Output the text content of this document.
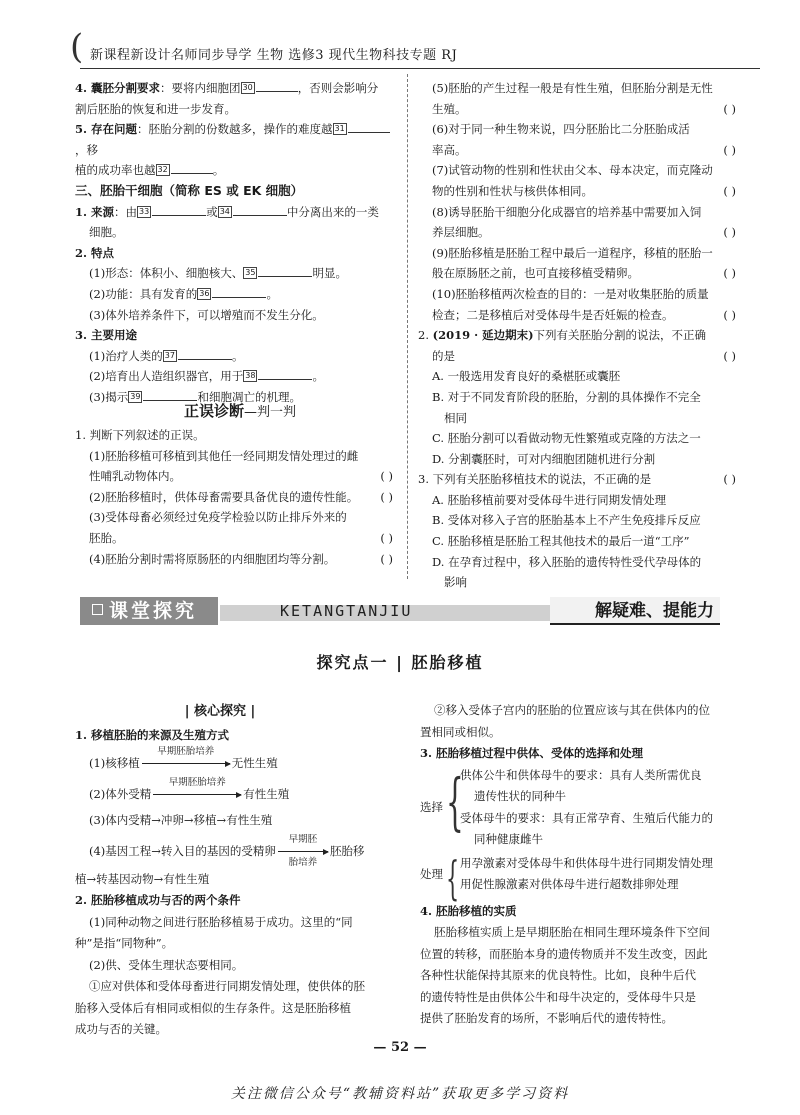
( 新课程新设计名师同步导学 生物 选修3 现代生物科技专题 RJ

4. 囊胚分割要求：要将内细胞团 30	，否则会影响分

割后胚胎的恢复和进一步发育。

5. 存在问题：胚胎分割的份数越多，操作的难度越 31，移

植的成功率也越 32	。

三、胚胎干细胞（简称 ES 或 EK 细胞）

1. 来源：由 33	或 34	中分离出来的一类

细胞。

2. 特点

(1)形态：体积小、细胞核大、 35	明显。

(2)功能：具有发育的 36	。

(3)体外培养条件下，可以增殖而不发生分化。

3. 主要用途

(1)治疗人类的 37	。

(2)培育出人造组织器官，用于 38	。

(3)揭示 39	和细胞凋亡的机理。

正误诊断—判一判

1. 判断下列叙述的正误。

(1)胚胎移植可移植到其他任一经同期发情处理过的雌

性哺乳动物体内。	( )

(2)胚胎移植时，供体母畜需要具备优良的遗传性能。 ( )

(3)受体母畜必须经过免疫学检验以防止排斥外来的

胚胎。	( )

(4)胚胎分割时需将原肠胚的内细胞团均等分割。	( )

(5)胚胎的产生过程一般是有性生殖，但胚胎分割是无性

生殖。	( )

(6)对于同一种生物来说，四分胚胎比二分胚胎成活

率高。	( )

(7)试管动物的性别和性状由父本、母本决定，而克隆动

物的性别和性状与核供体相同。	( )

(8)诱导胚胎干细胞分化成器官的培养基中需要加入饲

养层细胞。	( )

(9)胚胎移植是胚胎工程中最后一道程序，移植的胚胎一

般在原肠胚之前，也可直接移植受精卵。	( )

(10)胚胎移植两次检查的目的：一是对收集胚胎的质量

检查；二是移植后对受体母牛是否妊娠的检查。	( )

2. (2019 · 延边期末)下列有关胚胎分割的说法，不正确

的是	( )

A. 一般选用发育良好的桑椹胚或囊胚

B. 对于不同发育阶段的胚胎，分割的具体操作不完全

相同

C. 胚胎分割可以看做动物无性繁殖或克隆的方法之一

D. 分割囊胚时，可对内细胞团随机进行分割

3. 下列有关胚胎移植技术的说法，不正确的是	( )

A. 胚胎移植前要对受体母牛进行同期发情处理

B. 受体对移入子宫的胚胎基本上不产生免疫排斥反应

C. 胚胎移植是胚胎工程其他技术的最后一道“工序”

D. 在孕育过程中，移入胚胎的遗传特性受代孕母体的

影响

课堂探究	KETANGTANJIU	解疑难、提能力
探究点一 | 胚胎移植
| 核心探究 |

1. 移植胚胎的来源及生殖方式

(1)核移植
早期胚胎培养
无性生殖

(2)体外受精
早期胚胎培养
有性生殖

(3)体内受精→冲卵→移植→有性生殖

(4)基因工程→转入目的基因的受精卵
早期胚
胎培养
胚胎移

植→转基因动物→有性生殖

2. 胚胎移植成功与否的两个条件

(1)同种动物之间进行胚胎移植易于成功。这里的“同

种”是指“同物种”。

(2)供、受体生理状态要相同。

①应对供体和受体母畜进行同期发情处理，使供体的胚

胎移入受体后有相同或相似的生存条件。这是胚胎移植

成功与否的关键。

②移入受体子宫内的胚胎的位置应该与其在供体内的位

置相同或相似。

3. 胚胎移植过程中供体、受体的选择和处理

选择 {

供体公牛和供体母牛的要求：具有人类所需优良

遗传性状的同种牛

受体母牛的要求：具有正常孕育、生殖后代能力的

同种健康雌牛

处理 { 用孕激素对受体母牛和供体母牛进行同期发情处理

用促性腺激素对供体母牛进行超数排卵处理

4. 胚胎移植的实质

胚胎移植实质上是早期胚胎在相同生理环境条件下空间

位置的转移，而胚胎本身的遗传物质并不发生改变，因此

各种性状能保持其原来的优良特性。比如，良种牛后代

的遗传特性是由供体公牛和母牛决定的，受体母牛只是

提供了胚胎发育的场所，不影响后代的遗传特性。

— 52 —
关注微信公众号“教辅资料站”获取更多学习资料
